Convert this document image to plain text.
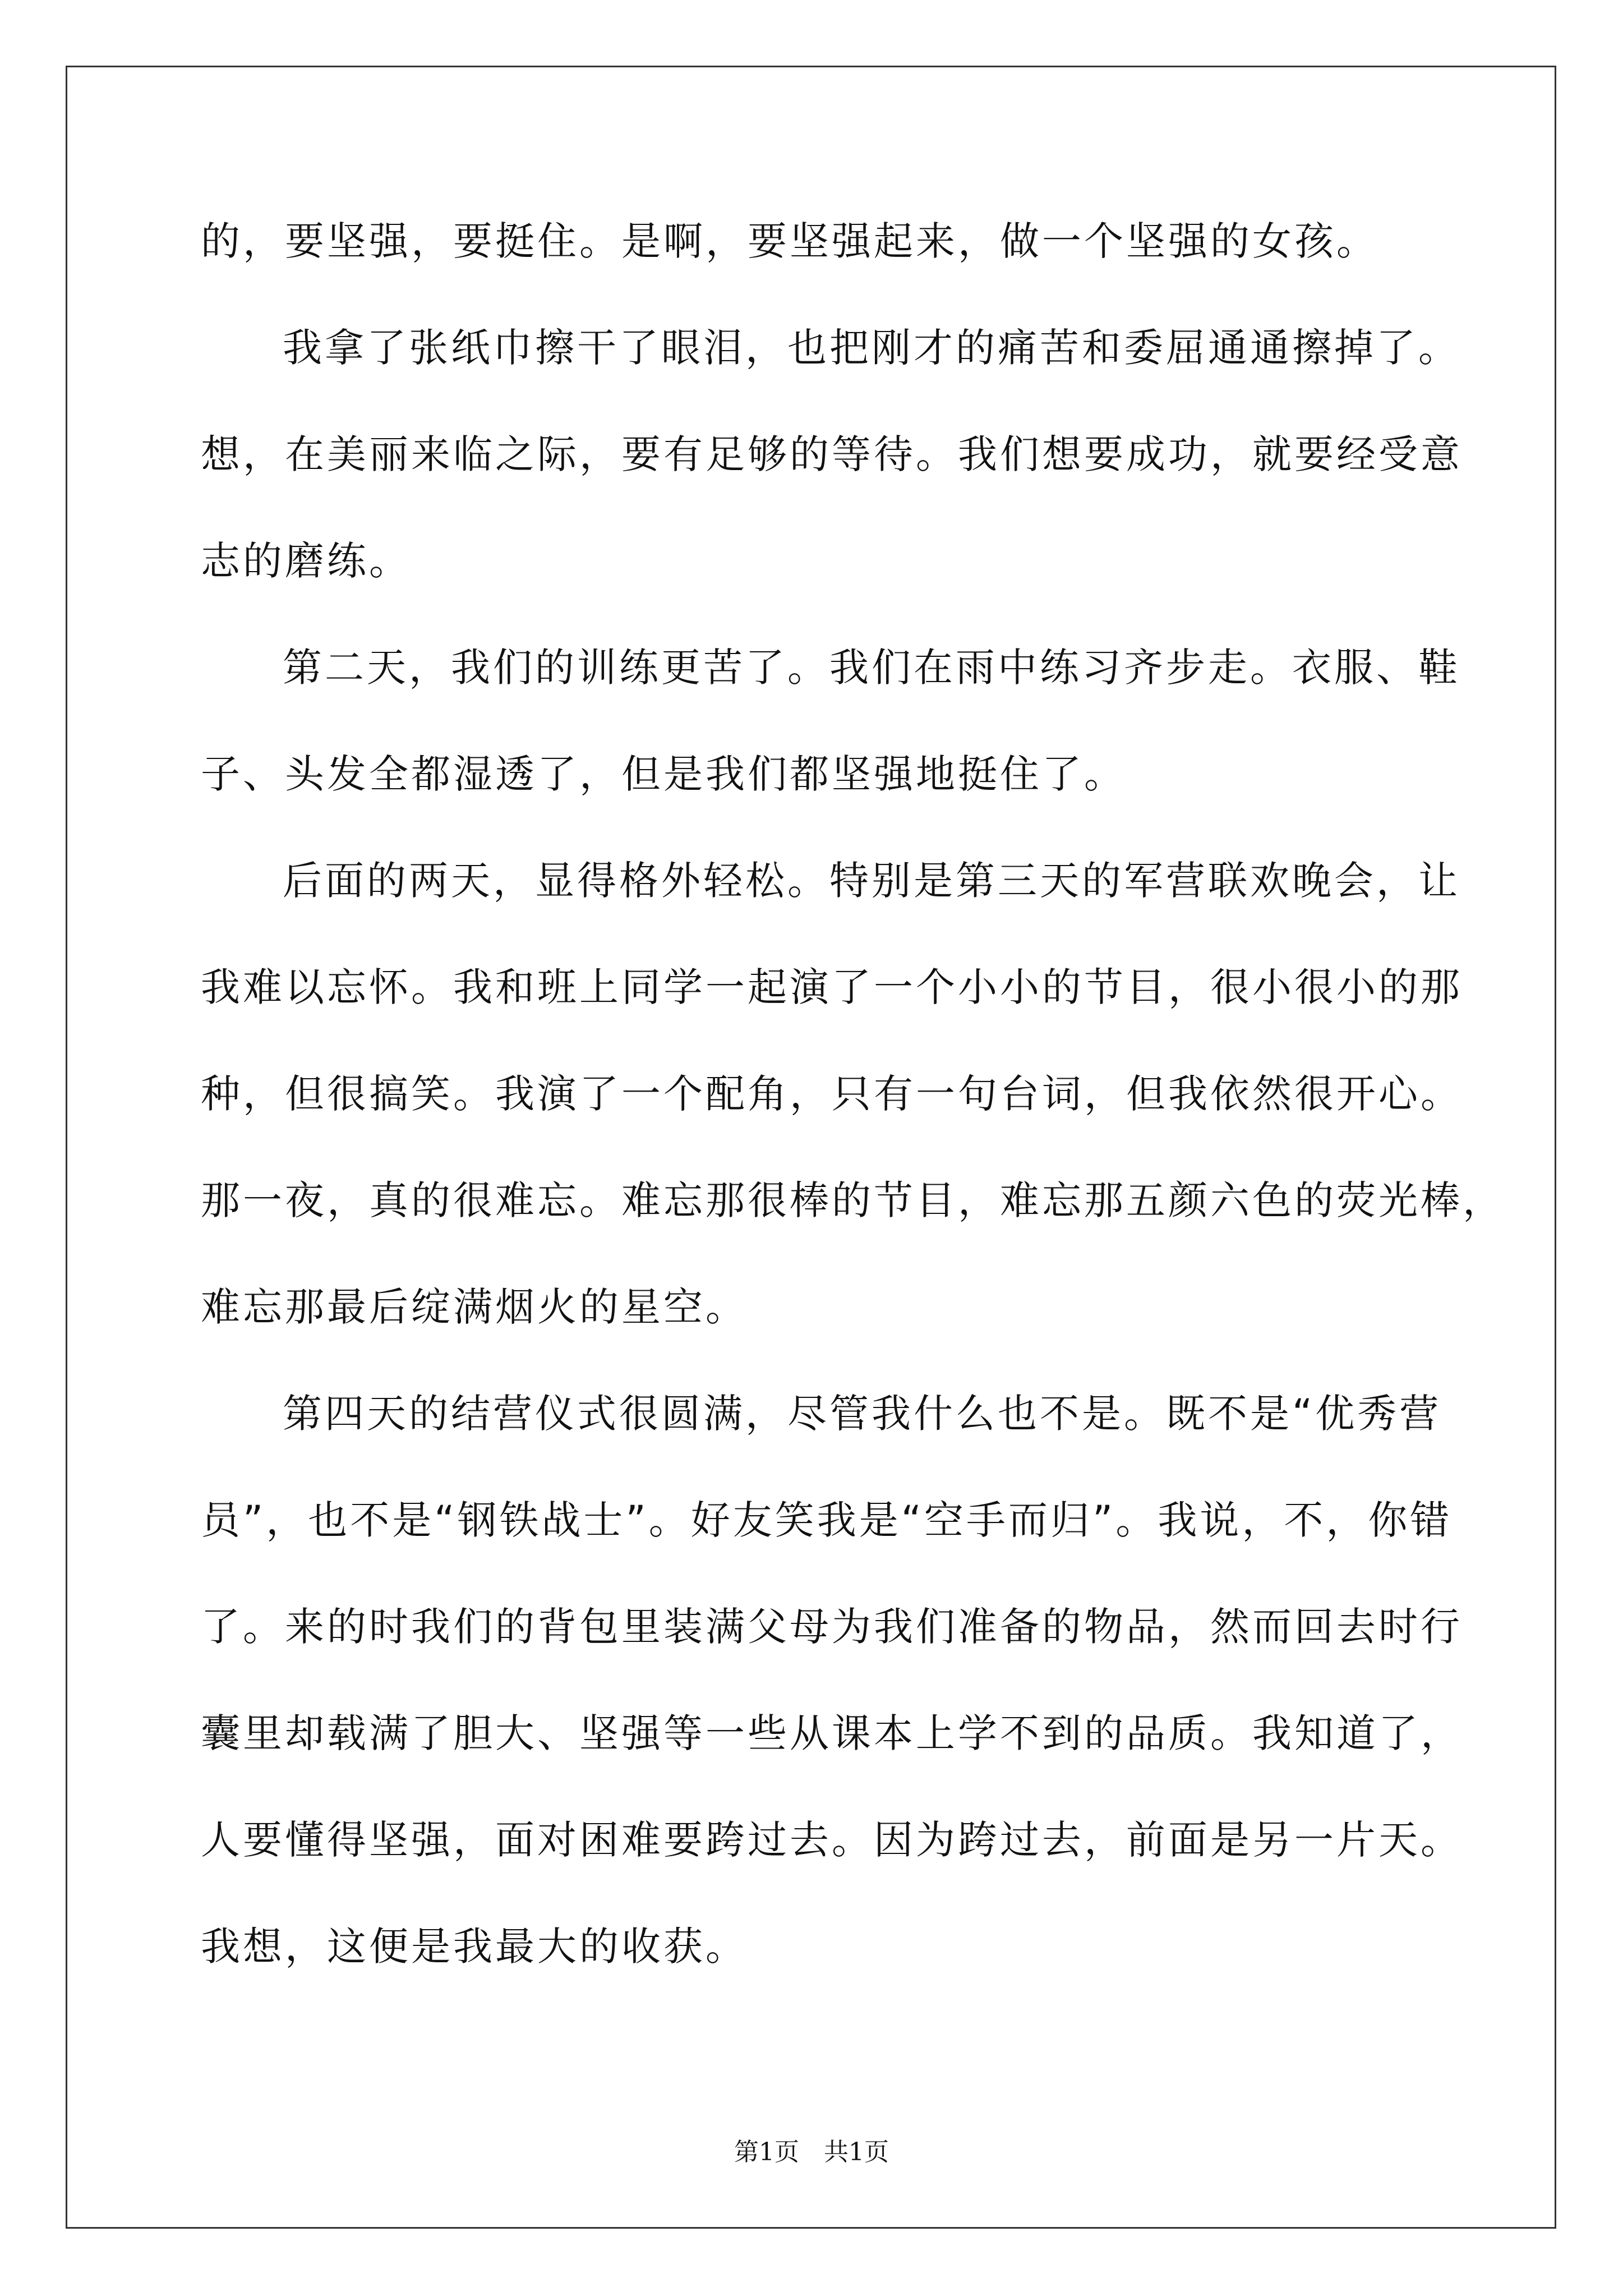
的，要坚强，要挺住。是啊，要坚强起来，做一个坚强的女孩。
我拿了张纸巾擦干了眼泪，也把刚才的痛苦和委屈通通擦掉了。
想，在美丽来临之际，要有足够的等待。我们想要成功，就要经受意
志的磨练。
第二天，我们的训练更苦了。我们在雨中练习齐步走。衣服、鞋
子、头发全都湿透了，但是我们都坚强地挺住了。
后面的两天，显得格外轻松。特别是第三天的军营联欢晚会，让
我难以忘怀。我和班上同学一起演了一个小小的节目，很小很小的那
种，但很搞笑。我演了一个配角，只有一句台词，但我依然很开心。
那一夜，真的很难忘。难忘那很棒的节目，难忘那五颜六色的荧光棒，
难忘那最后绽满烟火的星空。
第四天的结营仪式很圆满，尽管我什么也不是。既不是“优秀营
员”，也不是“钢铁战士”。好友笑我是“空手而归”。我说，不，你错
了。来的时我们的背包里装满父母为我们准备的物品，然而回去时行
囊里却载满了胆大、坚强等一些从课本上学不到的品质。我知道了，
人要懂得坚强，面对困难要跨过去。因为跨过去，前面是另一片天。
我想，这便是我最大的收获。
第1页　共1页
